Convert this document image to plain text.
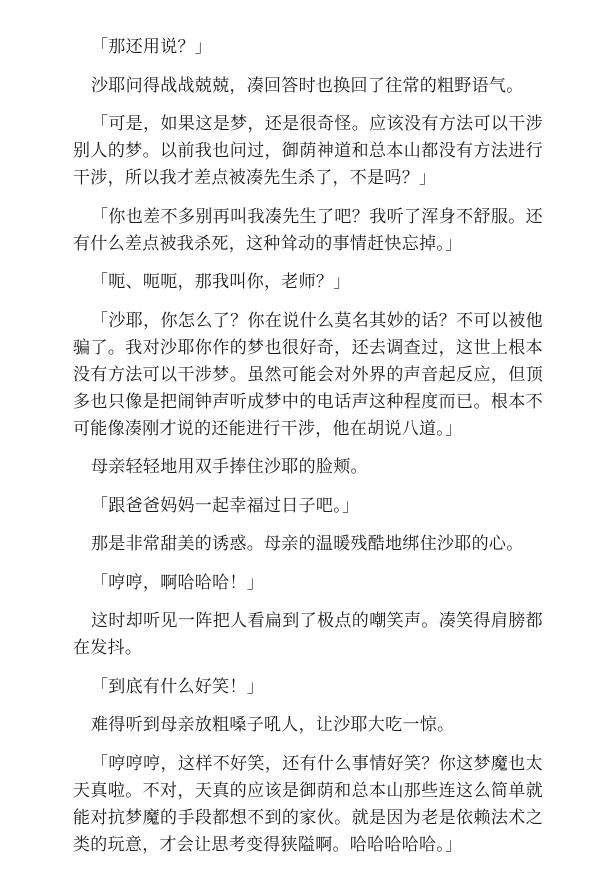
「那还用说？」

沙耶问得战战兢兢，凑回答时也换回了往常的粗野语气。

「可是，如果这是梦，还是很奇怪。应该没有方法可以干涉别人的梦。以前我也问过，御荫神道和总本山都没有方法进行干涉，所以我才差点被凑先生杀了，不是吗？」

「你也差不多别再叫我凑先生了吧？我听了浑身不舒服。还有什么差点被我杀死，这种耸动的事情赶快忘掉。」

「呃、呃呃，那我叫你，老师？」

「沙耶，你怎么了？你在说什么莫名其妙的话？不可以被他骗了。我对沙耶你作的梦也很好奇，还去调查过，这世上根本没有方法可以干涉梦。虽然可能会对外界的声音起反应，但顶多也只像是把闹钟声听成梦中的电话声这种程度而已。根本不可能像凑刚才说的还能进行干涉，他在胡说八道。」

母亲轻轻地用双手捧住沙耶的脸颊。

「跟爸爸妈妈一起幸福过日子吧。」

那是非常甜美的诱惑。母亲的温暖残酷地绑住沙耶的心。

「哼哼，啊哈哈哈！」

这时却听见一阵把人看扁到了极点的嘲笑声。凑笑得肩膀都在发抖。

「到底有什么好笑！」

难得听到母亲放粗嗓子吼人，让沙耶大吃一惊。

「哼哼哼，这样不好笑，还有什么事情好笑？你这梦魔也太天真啦。不对，天真的应该是御荫和总本山那些连这么简单就能对抗梦魔的手段都想不到的家伙。就是因为老是依赖法术之类的玩意，才会让思考变得狭隘啊。哈哈哈哈哈。」
